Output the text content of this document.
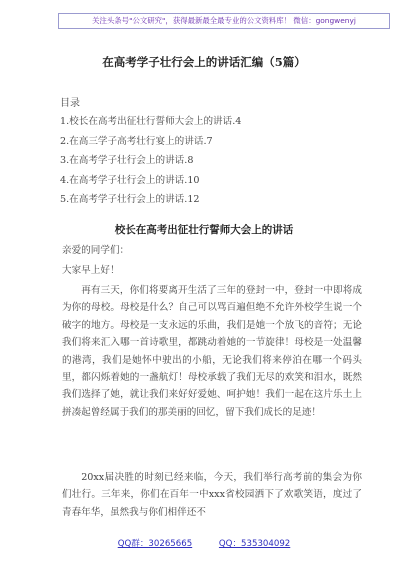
关注头条号"公文研究"，获得最新最全最专业的公文资料库！ 微信：gongwenyj
在高考学子壮行会上的讲话汇编（5篇）
目录
1.校长在高考出征壮行誓师大会上的讲话.4
2.在高三学子高考壮行宴上的讲话.7
3.在高考学子壮行会上的讲话.8
4.在高考学子壮行会上的讲话.10
5.在高考学子壮行会上的讲话.12
校长在高考出征壮行誓师大会上的讲话
亲爱的同学们：
大家早上好！

再有三天，你们将要离开生活了三年的登封一中，登封一中即将成为你的母校。母校是什么？自己可以骂百遍但绝不允许外校学生说一个破字的地方。母校是一支永远的乐曲，我们是她一个放飞的音符；无论我们将来汇入哪一首诗歌里，都跳动着她的一节旋律！母校是一处温馨的港湾，我们是她怀中驶出的小船，无论我们将来停泊在哪一个码头里，都闪烁着她的一盏航灯！母校承载了我们无尽的欢笑和泪水，既然我们选择了她，就让我们来好好爱她、呵护她！我们一起在这片乐土上拼凑起曾经属于我们的那美丽的回忆，留下我们成长的足迹！

20xx届决胜的时刻已经来临，今天，我们举行高考前的集会为你们壮行。三年来，你们在百年一中xxx省校园洒下了欢歌笑语，度过了青春年华，虽然我与你们相伴还不

QQ群：30265665	QQ：535304092
